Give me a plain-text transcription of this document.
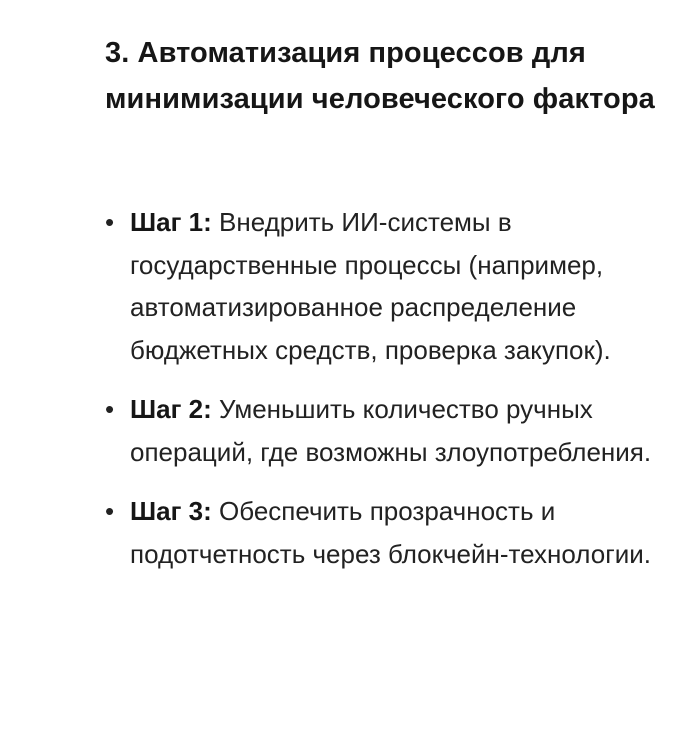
3. Автоматизация процессов для минимизации человеческого фактора
• Шаг 1: Внедрить ИИ-системы в государственные процессы (например, автоматизированное распределение бюджетных средств, проверка закупок).
• Шаг 2: Уменьшить количество ручных операций, где возможны злоупотребления.
• Шаг 3: Обеспечить прозрачность и подотчетность через блокчейн-технологии.
